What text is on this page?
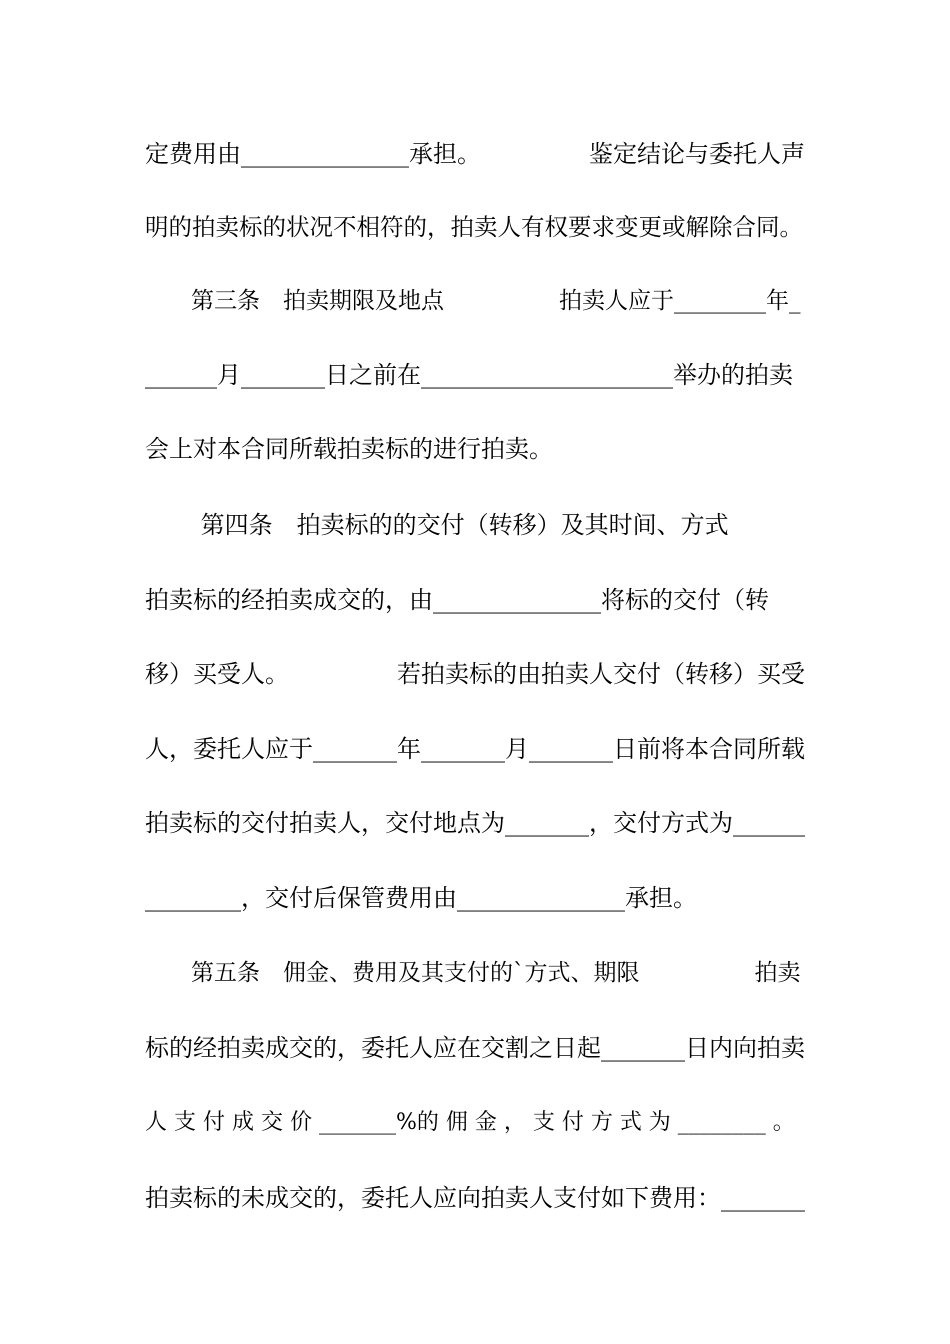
定费用由______________承担。　　　　　鉴定结论与委托人声
明的拍卖标的状况不相符的，拍卖人有权要求变更或解除合同。
　　第三条　拍卖期限及地点　　　　　拍卖人应于________年_
______月_______日之前在_____________________举办的拍卖
会上对本合同所载拍卖标的进行拍卖。
　　 第四条　拍卖标的的交付（转移）及其时间、方式
拍卖标的经拍卖成交的，由______________将标的交付（转
移）买受人。　　　　　若拍卖标的由拍卖人交付（转移）买受
人，委托人应于_______年_______月_______日前将本合同所载
拍卖标的交付拍卖人，交付地点为_______，交付方式为______
________，交付后保管费用由______________承担。
　　第五条　佣金、费用及其支付的`方式、期限　　　　　拍卖
标的经拍卖成交的，委托人应在交割之日起_______日内向拍卖
人 支 付 成 交 价 _______%的 佣 金 ， 支 付 方 式 为 ________ 。
拍卖标的未成交的，委托人应向拍卖人支付如下费用：_______
